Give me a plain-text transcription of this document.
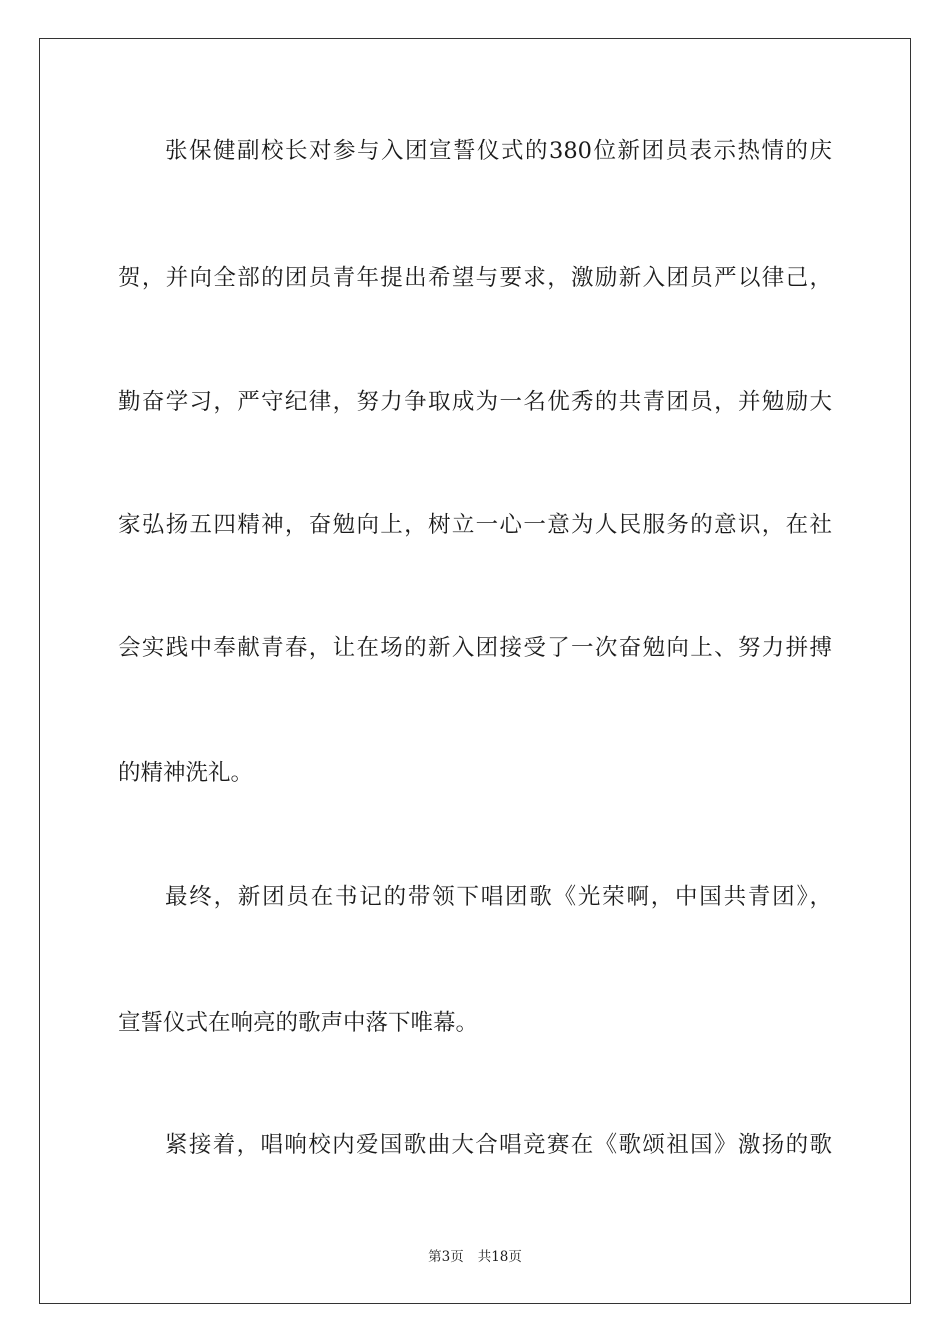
张保健副校长对参与入团宣誓仪式的380位新团员表示热情的庆
贺，并向全部的团员青年提出希望与要求，激励新入团员严以律己，
勤奋学习，严守纪律，努力争取成为一名优秀的共青团员，并勉励大
家弘扬五四精神，奋勉向上，树立一心一意为人民服务的意识，在社
会实践中奉献青春，让在场的新入团接受了一次奋勉向上、努力拼搏
的精神洗礼。
最终，新团员在书记的带领下唱团歌《光荣啊，中国共青团》，
宣誓仪式在响亮的歌声中落下唯幕。
紧接着，唱响校内爱国歌曲大合唱竞赛在《歌颂祖国》激扬的歌
第3页 共18页
